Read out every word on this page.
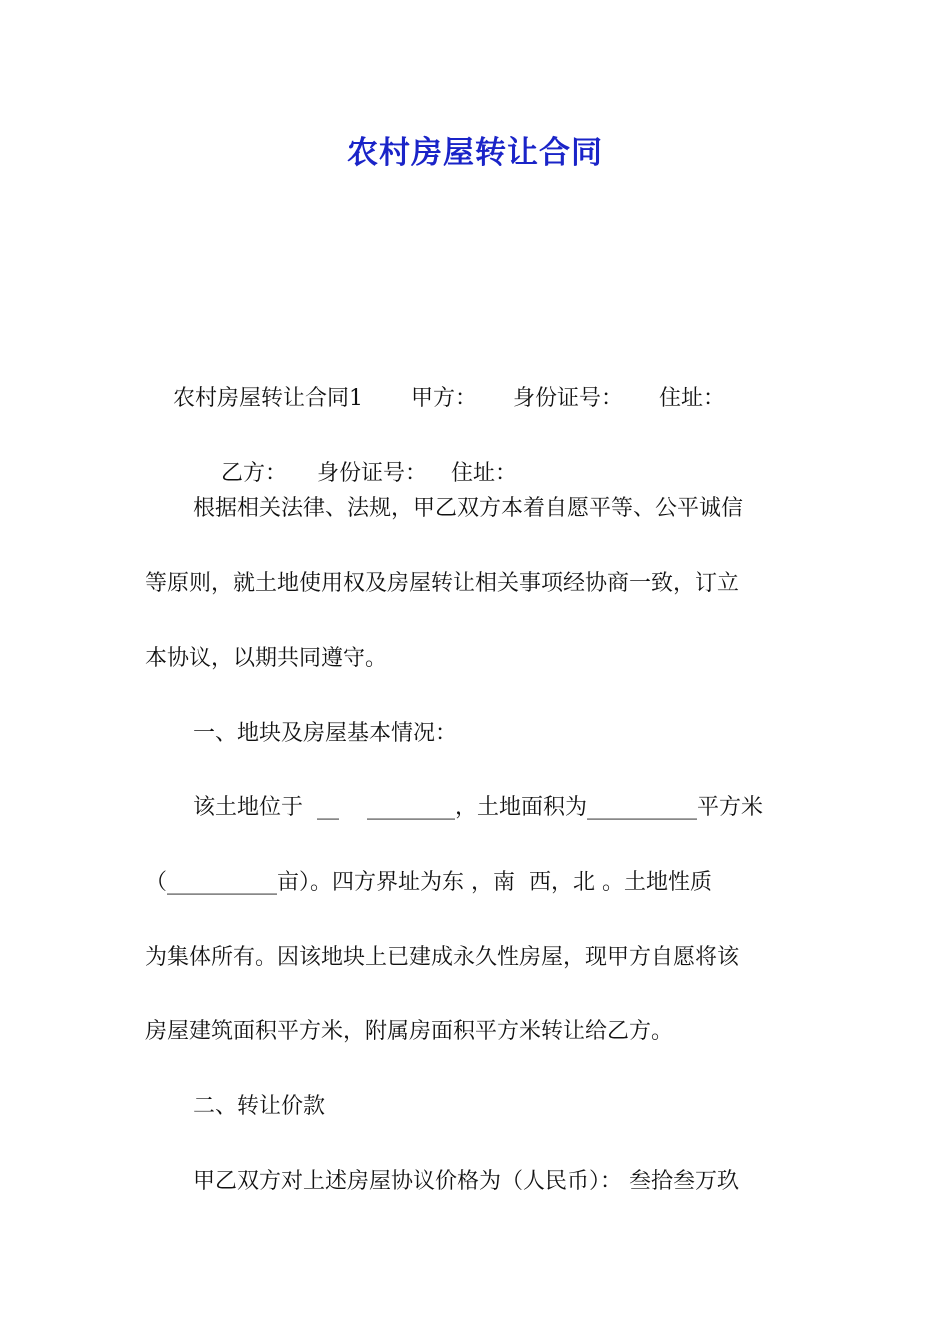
农村房屋转让合同

农村房屋转让合同1 甲方： 身份证号： 住址：

乙方： 身份证号： 住址：

根据相关法律、法规，甲乙双方本着自愿平等、公平诚信
等原则，就土地使用权及房屋转让相关事项经协商一致，订立
本协议，以期共同遵守。
一、地块及房屋基本情况：
该土地位于  __    ________，土地面积为__________平方米
（__________亩）。四方界址为东 ，南  西，北 。土地性质
为集体所有。因该地块上已建成永久性房屋，现甲方自愿将该
房屋建筑面积平方米，附属房面积平方米转让给乙方。
二、转让价款
甲乙双方对上述房屋协议价格为（人民币）： 叁拾叁万玖
